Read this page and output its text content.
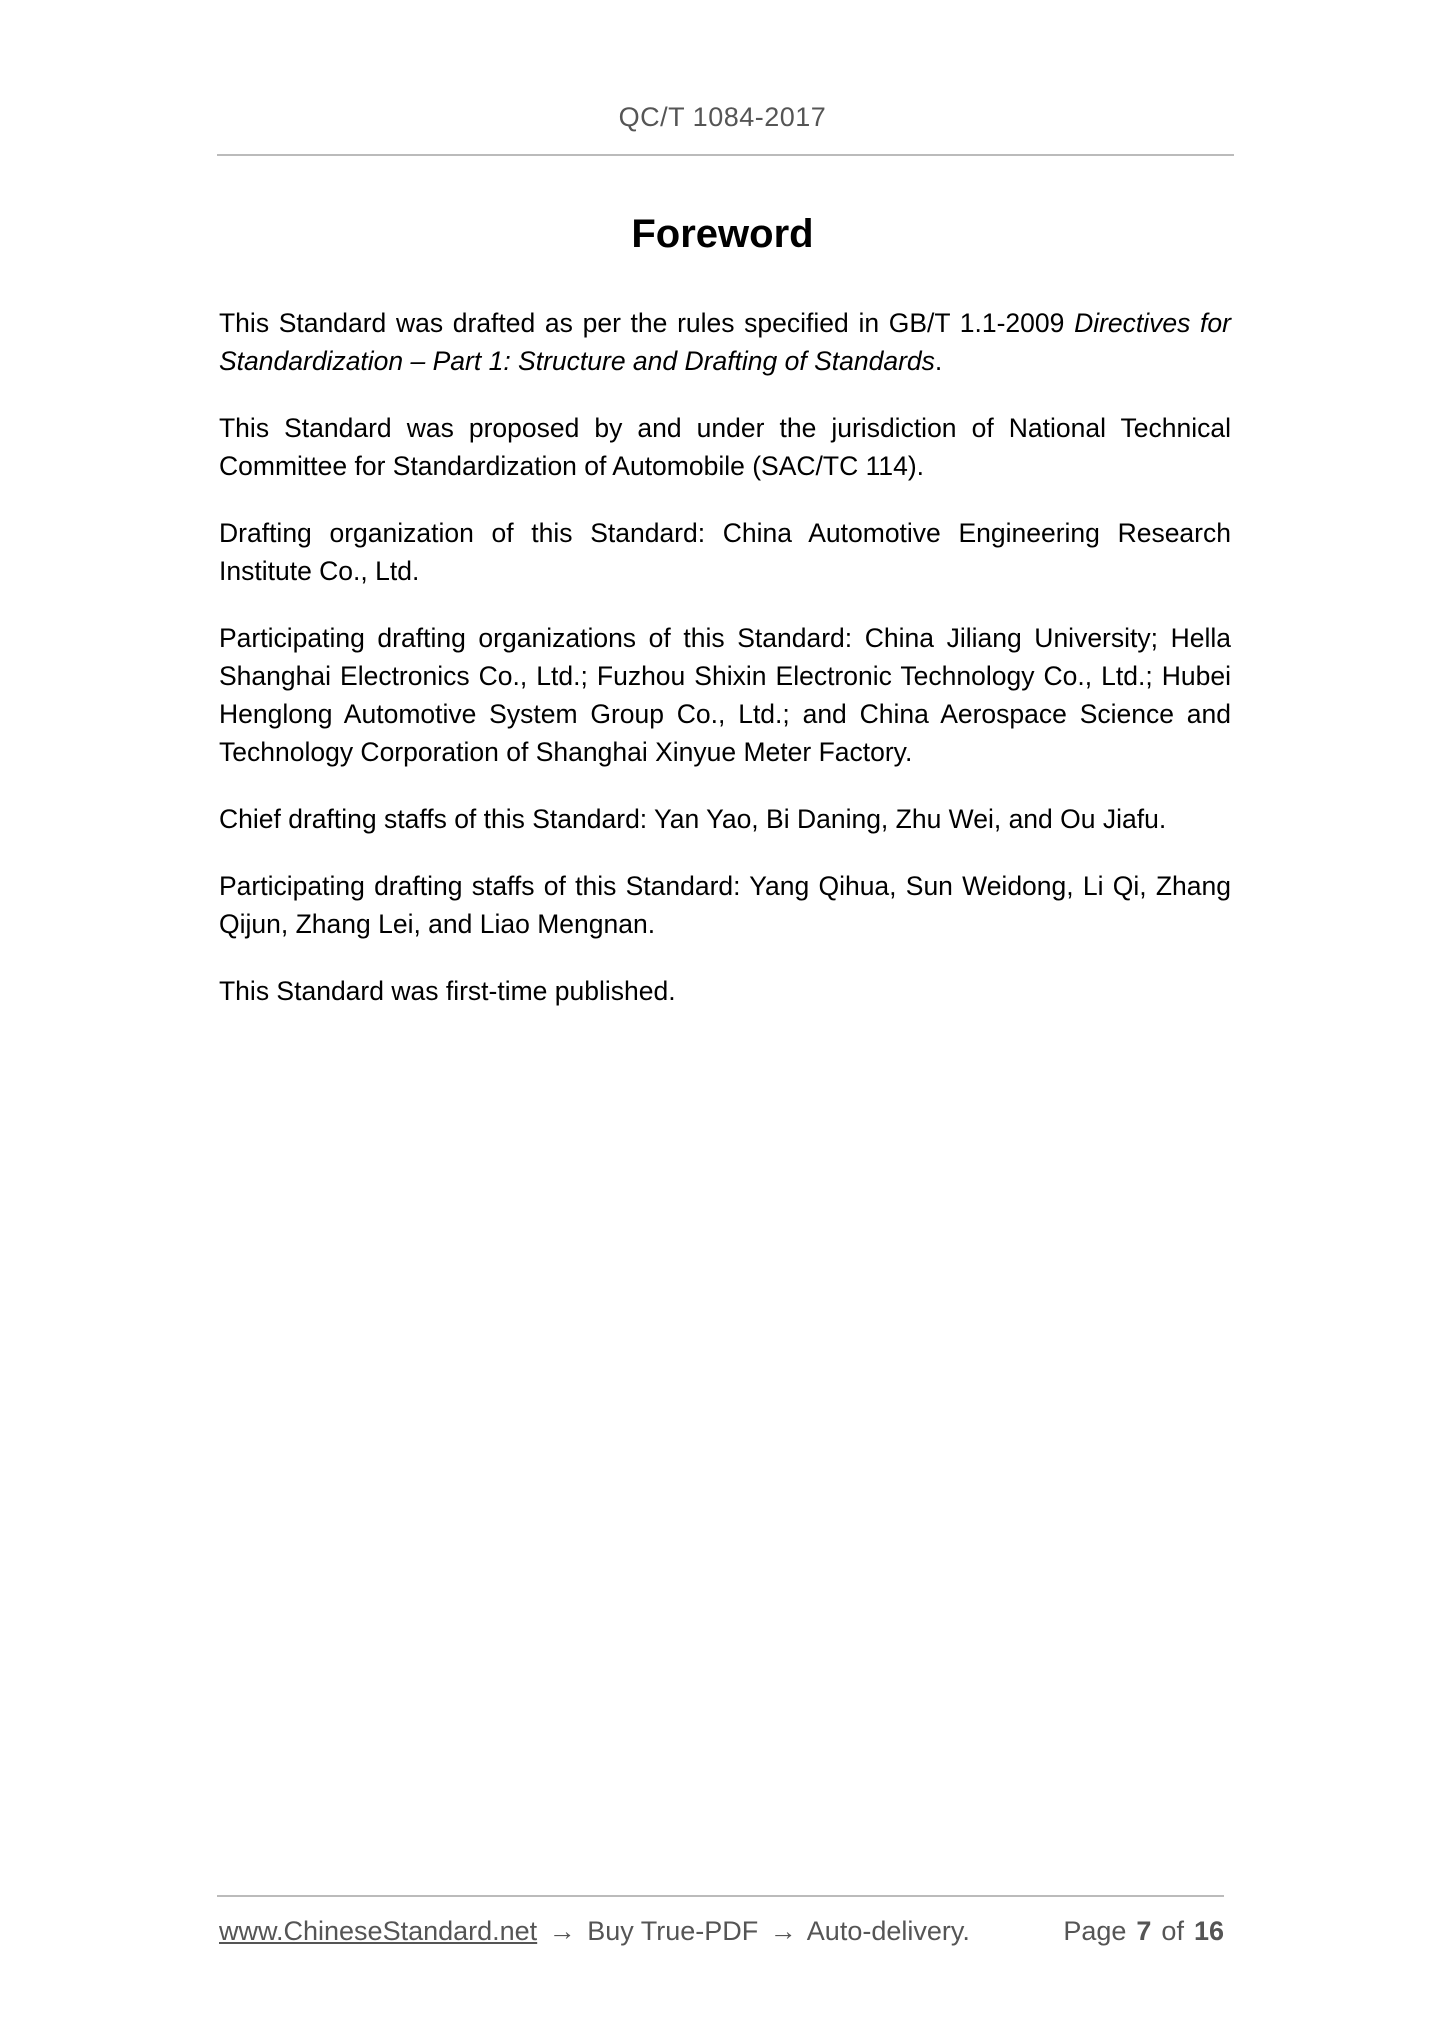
QC/T 1084-2017
Foreword

This Standard was drafted as per the rules specified in GB/T 1.1-2009 Directives for Standardization – Part 1: Structure and Drafting of Standards.

This Standard was proposed by and under the jurisdiction of National Technical Committee for Standardization of Automobile (SAC/TC 114).

Drafting organization of this Standard: China Automotive Engineering Research Institute Co., Ltd.

Participating drafting organizations of this Standard: China Jiliang University; Hella Shanghai Electronics Co., Ltd.; Fuzhou Shixin Electronic Technology Co., Ltd.; Hubei Henglong Automotive System Group Co., Ltd.; and China Aerospace Science and Technology Corporation of Shanghai Xinyue Meter Factory.

Chief drafting staffs of this Standard: Yan Yao, Bi Daning, Zhu Wei, and Ou Jiafu.

Participating drafting staffs of this Standard: Yang Qihua, Sun Weidong, Li Qi, Zhang Qijun, Zhang Lei, and Liao Mengnan.

This Standard was first-time published.

www.ChineseStandard.net → Buy True-PDF → Auto-delivery.	Page 7 of 16
